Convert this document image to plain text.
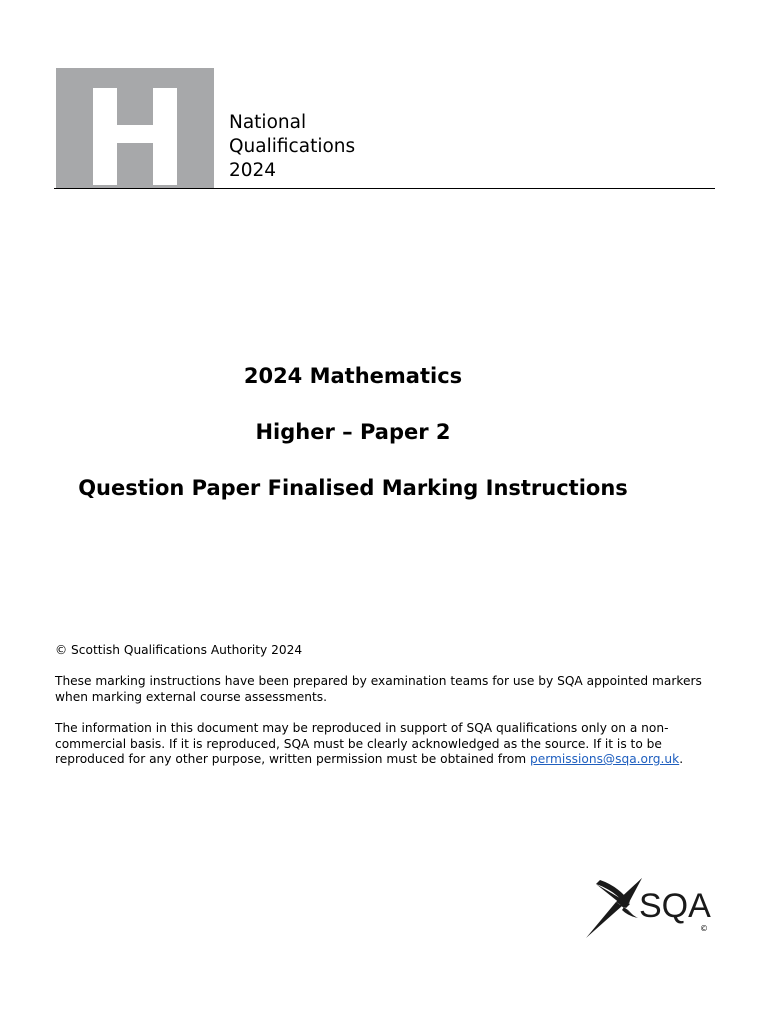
National
Qualifications
2024
2024 Mathematics
Higher – Paper 2
Question Paper Finalised Marking Instructions
© Scottish Qualifications Authority 2024
These marking instructions have been prepared by examination teams for use by SQA appointed markers when marking external course assessments.
The information in this document may be reproduced in support of SQA qualifications only on a non-commercial basis. If it is reproduced, SQA must be clearly acknowledged as the source. If it is to be reproduced for any other purpose, written permission must be obtained from permissions@sqa.org.uk.
SQA
©
